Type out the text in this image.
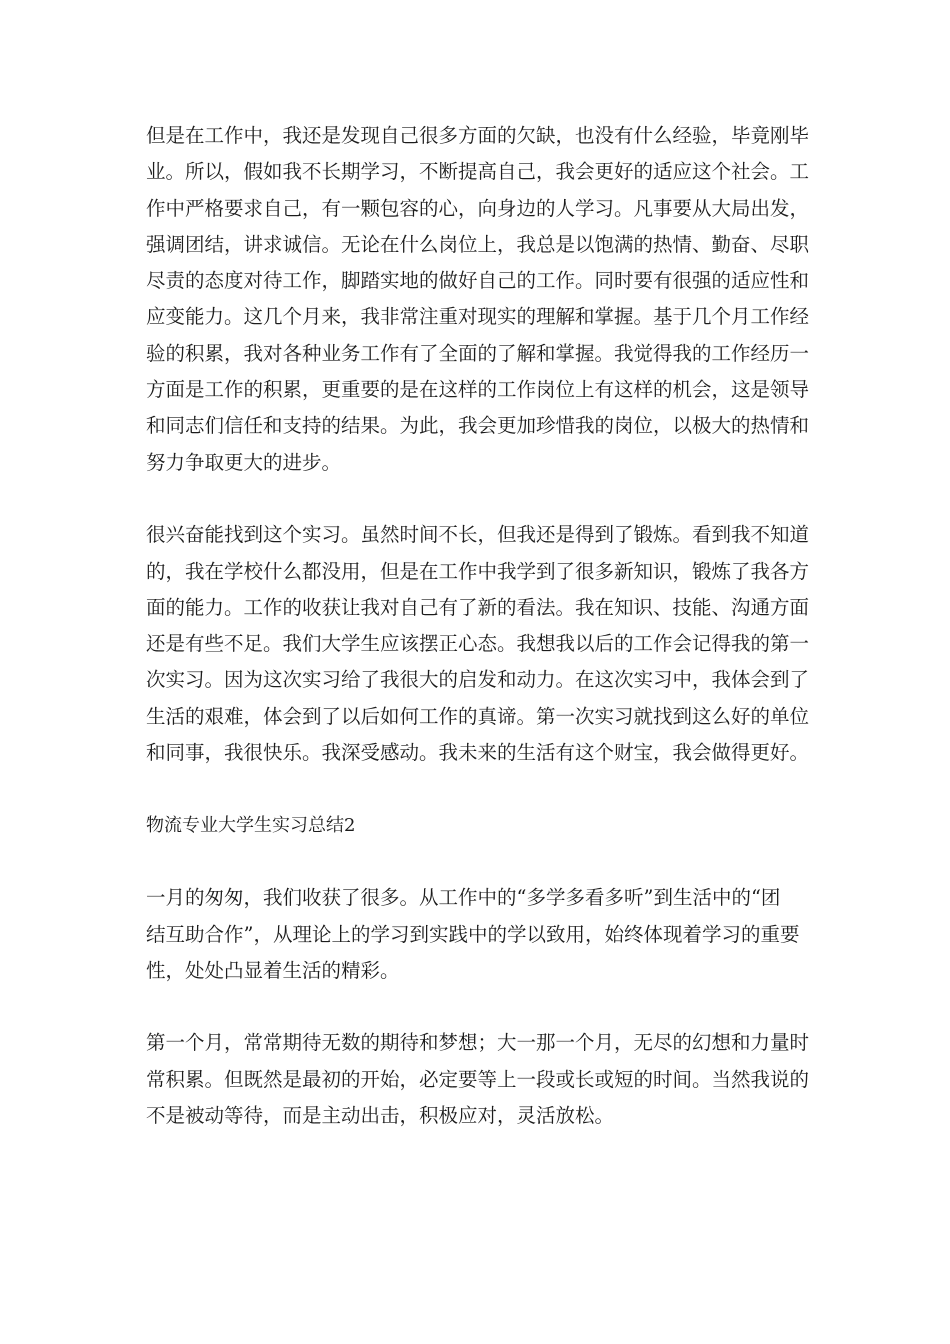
但是在工作中，我还是发现自己很多方面的欠缺，也没有什么经验，毕竟刚毕
业。所以，假如我不长期学习，不断提高自己，我会更好的适应这个社会。工
作中严格要求自己，有一颗包容的心，向身边的人学习。凡事要从大局出发，
强调团结，讲求诚信。无论在什么岗位上，我总是以饱满的热情、勤奋、尽职
尽责的态度对待工作，脚踏实地的做好自己的工作。同时要有很强的适应性和
应变能力。这几个月来，我非常注重对现实的理解和掌握。基于几个月工作经
验的积累，我对各种业务工作有了全面的了解和掌握。我觉得我的工作经历一
方面是工作的积累，更重要的是在这样的工作岗位上有这样的机会，这是领导
和同志们信任和支持的结果。为此，我会更加珍惜我的岗位，以极大的热情和
努力争取更大的进步。
很兴奋能找到这个实习。虽然时间不长，但我还是得到了锻炼。看到我不知道
的，我在学校什么都没用，但是在工作中我学到了很多新知识，锻炼了我各方
面的能力。工作的收获让我对自己有了新的看法。我在知识、技能、沟通方面
还是有些不足。我们大学生应该摆正心态。我想我以后的工作会记得我的第一
次实习。因为这次实习给了我很大的启发和动力。在这次实习中，我体会到了
生活的艰难，体会到了以后如何工作的真谛。第一次实习就找到这么好的单位
和同事，我很快乐。我深受感动。我未来的生活有这个财宝，我会做得更好。
物流专业大学生实习总结2
一月的匆匆，我们收获了很多。从工作中的“多学多看多听”到生活中的“团
结互助合作”，从理论上的学习到实践中的学以致用，始终体现着学习的重要
性，处处凸显着生活的精彩。
第一个月，常常期待无数的期待和梦想；大一那一个月，无尽的幻想和力量时
常积累。但既然是最初的开始，必定要等上一段或长或短的时间。当然我说的
不是被动等待，而是主动出击，积极应对，灵活放松。
